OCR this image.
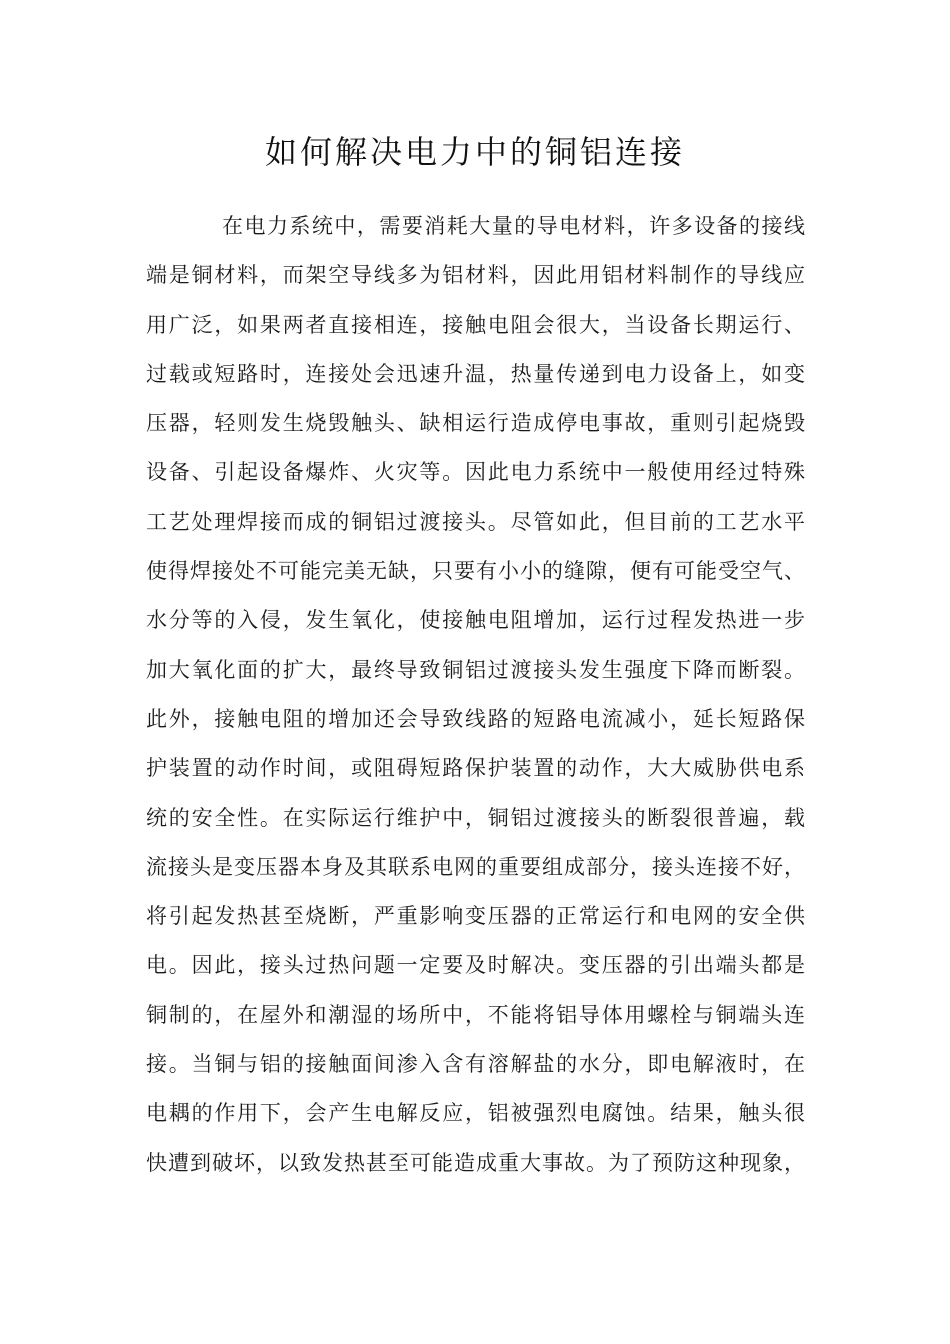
如何解决电力中的铜铝连接
在电力系统中，需要消耗大量的导电材料，许多设备的接线
端是铜材料，而架空导线多为铝材料，因此用铝材料制作的导线应
用广泛，如果两者直接相连，接触电阻会很大，当设备长期运行、
过载或短路时，连接处会迅速升温，热量传递到电力设备上，如变
压器，轻则发生烧毁触头、缺相运行造成停电事故，重则引起烧毁
设备、引起设备爆炸、火灾等。因此电力系统中一般使用经过特殊
工艺处理焊接而成的铜铝过渡接头。尽管如此，但目前的工艺水平
使得焊接处不可能完美无缺，只要有小小的缝隙，便有可能受空气、
水分等的入侵，发生氧化，使接触电阻增加，运行过程发热进一步
加大氧化面的扩大，最终导致铜铝过渡接头发生强度下降而断裂。
此外，接触电阻的增加还会导致线路的短路电流减小，延长短路保
护装置的动作时间，或阻碍短路保护装置的动作，大大威胁供电系
统的安全性。在实际运行维护中，铜铝过渡接头的断裂很普遍，载
流接头是变压器本身及其联系电网的重要组成部分，接头连接不好，
将引起发热甚至烧断，严重影响变压器的正常运行和电网的安全供
电。因此，接头过热问题一定要及时解决。变压器的引出端头都是
铜制的，在屋外和潮湿的场所中，不能将铝导体用螺栓与铜端头连
接。当铜与铝的接触面间渗入含有溶解盐的水分，即电解液时，在
电耦的作用下，会产生电解反应，铝被强烈电腐蚀。结果，触头很
快遭到破坏，以致发热甚至可能造成重大事故。为了预防这种现象，
